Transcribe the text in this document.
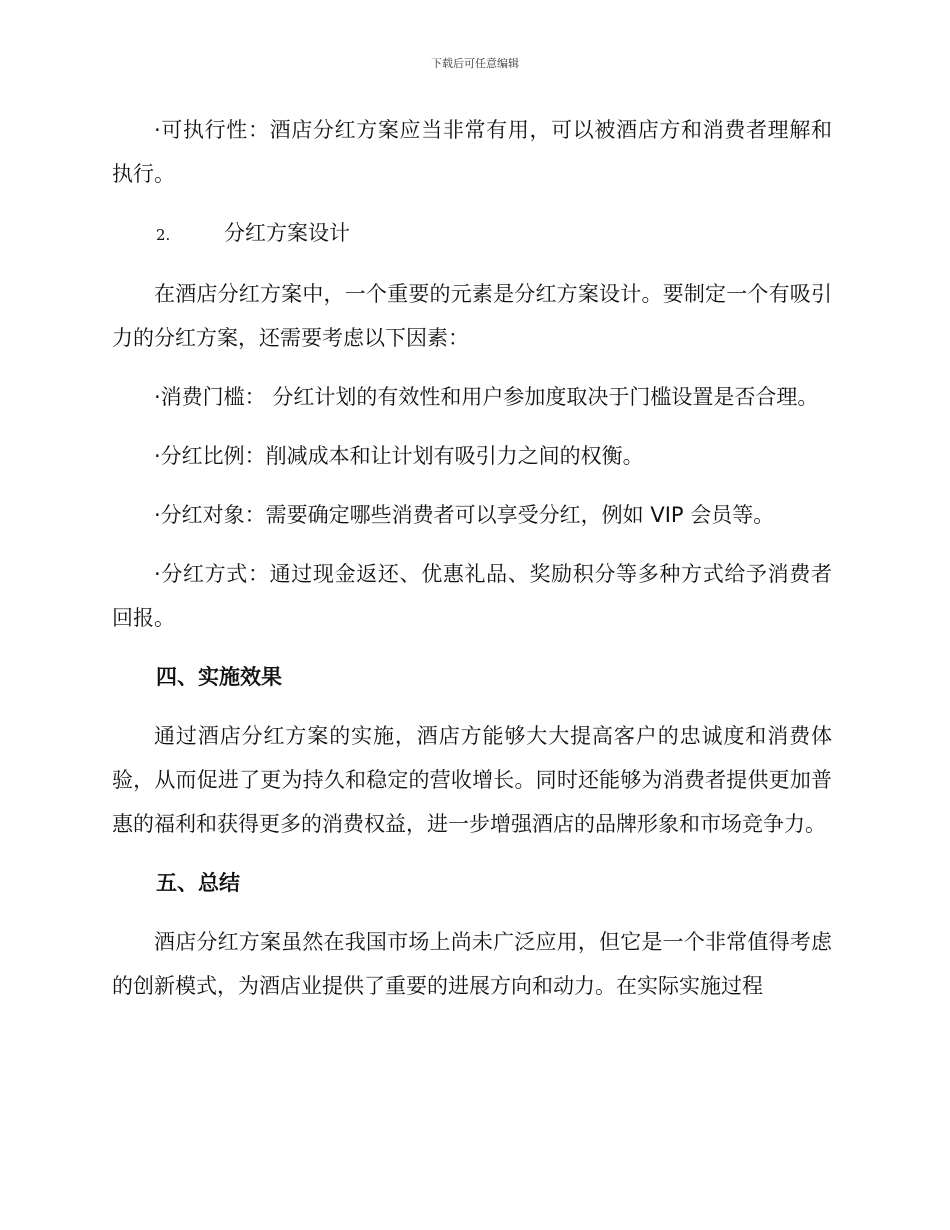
下载后可任意编辑

·可执行性：酒店分红方案应当非常有用，可以被酒店方和消费者理解和执行。

2.	分红方案设计

在酒店分红方案中，一个重要的元素是分红方案设计。要制定一个有吸引力的分红方案，还需要考虑以下因素：

·消费门槛： 分红计划的有效性和用户参加度取决于门槛设置是否合理。

·分红比例：削减成本和让计划有吸引力之间的权衡。

·分红对象：需要确定哪些消费者可以享受分红，例如 VIP 会员等。

·分红方式：通过现金返还、优惠礼品、奖励积分等多种方式给予消费者回报。

四、实施效果

通过酒店分红方案的实施，酒店方能够大大提高客户的忠诚度和消费体验，从而促进了更为持久和稳定的营收增长。同时还能够为消费者提供更加普惠的福利和获得更多的消费权益，进一步增强酒店的品牌形象和市场竞争力。

五、总结

酒店分红方案虽然在我国市场上尚未广泛应用，但它是一个非常值得考虑的创新模式，为酒店业提供了重要的进展方向和动力。在实际实施过程
